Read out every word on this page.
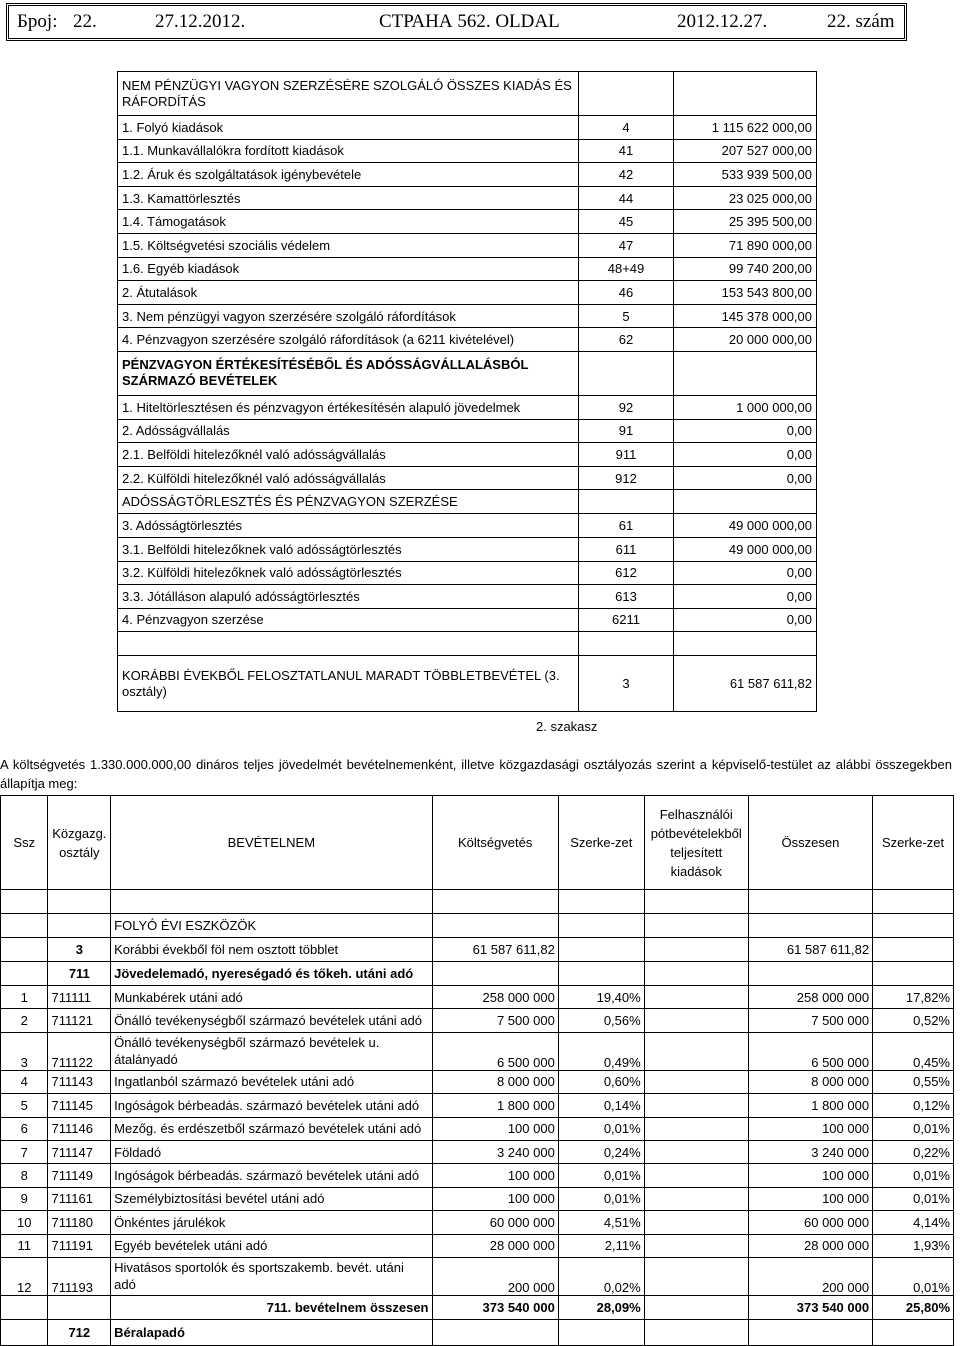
Број: 22.	27.12.2012.	СТРАНА 562. OLDAL	2012.12.27.	22. szám
NEM PÉNZÜGYI VAGYON SZERZÉSÉRE SZOLGÁLÓ ÖSSZES KIADÁS ÉS RÁFORDÍTÁS		
1. Folyó kiadások	4	1 115 622 000,00
1.1. Munkavállalókra fordított kiadások	41	207 527 000,00
1.2. Áruk és szolgáltatások igénybevétele	42	533 939 500,00
1.3. Kamattörlesztés	44	23 025 000,00
1.4. Támogatások	45	25 395 500,00
1.5. Költségvetési szociális védelem	47	71 890 000,00
1.6. Egyéb kiadások	48+49	99 740 200,00
2. Átutalások	46	153 543 800,00
3. Nem pénzügyi vagyon szerzésére szolgáló ráfordítások	5	145 378 000,00
4. Pénzvagyon szerzésére szolgáló ráfordítások (a 6211 kivételével)	62	20 000 000,00
PÉNZVAGYON ÉRTÉKESÍTÉSÉBŐL ÉS ADÓSSÁGVÁLLALÁSBÓL SZÁRMAZÓ BEVÉTELEK		
1. Hiteltörlesztésen és pénzvagyon értékesítésén alapuló jövedelmek	92	1 000 000,00
2. Adósságvállalás	91	0,00
2.1. Belföldi hitelezőknél való adósságvállalás	911	0,00
2.2. Külföldi hitelezőknél való adósságvállalás	912	0,00
ADÓSSÁGTÖRLESZTÉS ÉS PÉNZVAGYON SZERZÉSE		
3. Adósságtörlesztés	61	49 000 000,00
3.1. Belföldi hitelezőknek való adósságtörlesztés	611	49 000 000,00
3.2. Külföldi hitelezőknek való adósságtörlesztés	612	0,00
3.3. Jótálláson alapuló adósságtörlesztés	613	0,00
4. Pénzvagyon szerzése	6211	0,00

KORÁBBI ÉVEKBŐL FELOSZTATLANUL MARADT TÖBBLETBEVÉTEL (3. osztály)	3	61 587 611,82
2. szakasz
A költségvetés 1.330.000.000,00 dináros teljes jövedelmét bevételnemenként, illetve közgazdasági osztályozás szerint a képviselő-testület az alábbi összegekben állapítja meg:
Ssz	Közgazg. osztály	BEVÉTELNEM	Költségvetés	Szerke-zet	Felhasználói pótbevételekből teljesített kiadások	Összesen	Szerke-zet

		FOLYÓ ÉVI ESZKÖZÖK					
	3	Korábbi évekből föl nem osztott többlet	61 587 611,82			61 587 611,82	
	711	Jövedelemadó, nyereségadó és tőkeh. utáni adó					
1	711111	Munkabérek utáni adó	258 000 000	19,40%		258 000 000	17,82%
2	711121	Önálló tevékenységből származó bevételek utáni adó	7 500 000	0,56%		7 500 000	0,52%
3	711122	Önálló tevékenységből származó bevételek u. átalányadó	6 500 000	0,49%		6 500 000	0,45%
4	711143	Ingatlanból származó bevételek utáni adó	8 000 000	0,60%		8 000 000	0,55%
5	711145	Ingóságok bérbeadás. származó bevételek utáni adó	1 800 000	0,14%		1 800 000	0,12%
6	711146	Mezőg. és erdészetből származó bevételek utáni adó	100 000	0,01%		100 000	0,01%
7	711147	Földadó	3 240 000	0,24%		3 240 000	0,22%
8	711149	Ingóságok bérbeadás. származó bevételek utáni adó	100 000	0,01%		100 000	0,01%
9	711161	Személybiztosítási bevétel utáni adó	100 000	0,01%		100 000	0,01%
10	711180	Önkéntes járulékok	60 000 000	4,51%		60 000 000	4,14%
11	711191	Egyéb bevételek utáni adó	28 000 000	2,11%		28 000 000	1,93%
12	711193	Hivatásos sportolók és sportszakemb. bevét. utáni adó	200 000	0,02%		200 000	0,01%
		711. bevételnem összesen	373 540 000	28,09%		373 540 000	25,80%
	712	Béralapadó					
